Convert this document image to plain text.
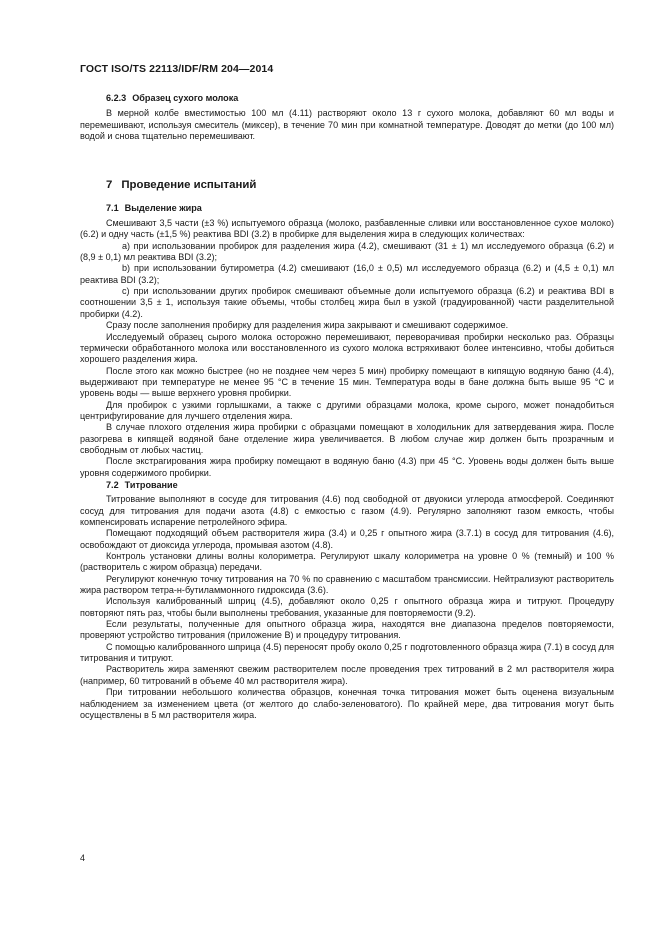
ГОСТ ISO/TS 22113/IDF/RM 204—2014
6.2.3 Образец сухого молока

В мерной колбе вместимостью 100 мл (4.11) растворяют около 13 г сухого молока, добавляют 60 мл воды и перемешивают, используя смеситель (миксер), в течение 70 мин при комнатной температуре. Доводят до метки (до 100 мл) водой и снова тщательно перемешивают.

7 Проведение испытаний
7.1 Выделение жира

Смешивают 3,5 части (±3 %) испытуемого образца (молоко, разбавленные сливки или восстановленное сухое молоко) (6.2) и одну часть (±1,5 %) реактива BDI (3.2) в пробирке для выделения жира в следующих количествах:

a) при использовании пробирок для разделения жира (4.2), смешивают (31 ± 1) мл исследуемого образца (6.2) и (8,9 ± 0,1) мл реактива BDI (3.2);

b) при использовании бутирометра (4.2) смешивают (16,0 ± 0,5) мл исследуемого образца (6.2) и (4,5 ± 0,1) мл реактива BDI (3.2);

c) при использовании других пробирок смешивают объемные доли испытуемого образца (6.2) и реактива BDI в соотношении 3,5 ± 1, используя такие объемы, чтобы столбец жира был в узкой (градуированной) части разделительной пробирки (4.2).

Сразу после заполнения пробирку для разделения жира закрывают и смешивают содержимое.

Исследуемый образец сырого молока осторожно перемешивают, переворачивая пробирки несколько раз. Образцы термически обработанного молока или восстановленного из сухого молока встряхивают более интенсивно, чтобы добиться хорошего разделения жира.

После этого как можно быстрее (но не позднее чем через 5 мин) пробирку помещают в кипящую водяную баню (4.4), выдерживают при температуре не менее 95 °C в течение 15 мин. Температура воды в бане должна быть выше 95 °C и уровень воды — выше верхнего уровня пробирки.

Для пробирок с узкими горлышками, а также с другими образцами молока, кроме сырого, может понадобиться центрифугирование для лучшего отделения жира.

В случае плохого отделения жира пробирки с образцами помещают в холодильник для затвердевания жира. После разогрева в кипящей водяной бане отделение жира увеличивается. В любом случае жир должен быть прозрачным и свободным от любых частиц.

После экстрагирования жира пробирку помещают в водяную баню (4.3) при 45 °C. Уровень воды должен быть выше уровня содержимого пробирки.

7.2 Титрование

Титрование выполняют в сосуде для титрования (4.6) под свободной от двуокиси углерода атмосферой. Соединяют сосуд для титрования для подачи азота (4.8) с емкостью с газом (4.9). Регулярно заполняют газом емкость, чтобы компенсировать испарение петролейного эфира.

Помещают подходящий объем растворителя жира (3.4) и 0,25 г опытного жира (3.7.1) в сосуд для титрования (4.6), освобождают от диоксида углерода, промывая азотом (4.8).

Контроль установки длины волны колориметра. Регулируют шкалу колориметра на уровне 0 % (темный) и 100 % (растворитель с жиром образца) передачи.

Регулируют конечную точку титрования на 70 % по сравнению с масштабом трансмиссии. Нейтрализуют растворитель жира раствором тетра-н-бутиламмонного гидроксида (3.6).

Используя калиброванный шприц (4.5), добавляют около 0,25 г опытного образца жира и титруют. Процедуру повторяют пять раз, чтобы были выполнены требования, указанные для повторяемости (9.2).

Если результаты, полученные для опытного образца жира, находятся вне диапазона пределов повторяемости, проверяют устройство титрования (приложение В) и процедуру титрования.

С помощью калиброванного шприца (4.5) переносят пробу около 0,25 г подготовленного образца жира (7.1) в сосуд для титрования и титруют.

Растворитель жира заменяют свежим растворителем после проведения трех титрований в 2 мл растворителя жира (например, 60 титрований в объеме 40 мл растворителя жира).

При титровании небольшого количества образцов, конечная точка титрования может быть оценена визуальным наблюдением за изменением цвета (от желтого до слабо-зеленоватого). По крайней мере, два титрования могут быть осуществлены в 5 мл растворителя жира.

4
